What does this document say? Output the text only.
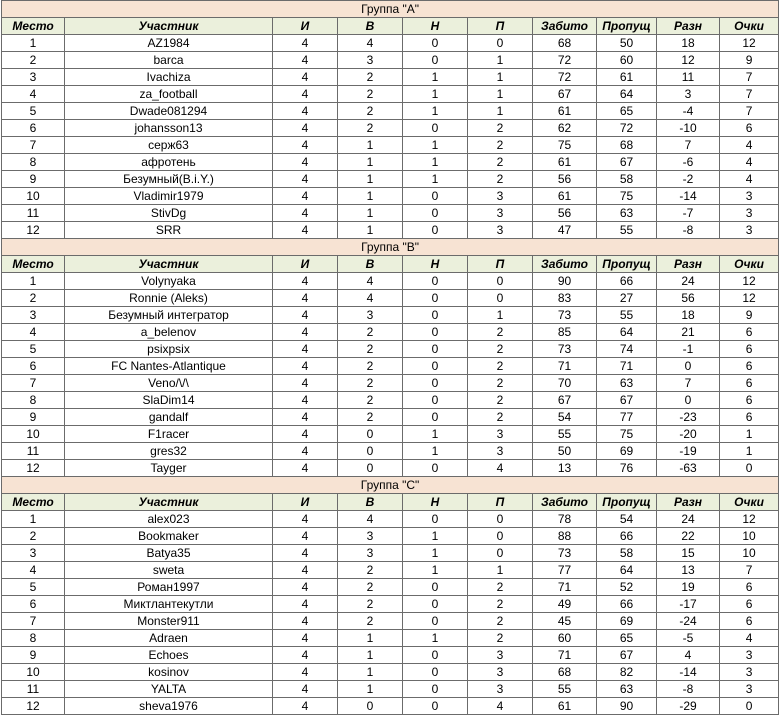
Группа "А"									
Место	Участник	И	В	Н	П	Забито	Пропущ	Разн	Очки
1	AZ1984	4	4	0	0	68	50	18	12
2	barca	4	3	0	1	72	60	12	9
3	Ivachiza	4	2	1	1	72	61	11	7
4	za_football	4	2	1	1	67	64	3	7
5	Dwade081294	4	2	1	1	61	65	-4	7
6	johansson13	4	2	0	2	62	72	-10	6
7	серж63	4	1	1	2	75	68	7	4
8	афротень	4	1	1	2	61	67	-6	4
9	Безумный(B.i.Y.)	4	1	1	2	56	58	-2	4
10	Vladimir1979	4	1	0	3	61	75	-14	3
11	StivDg	4	1	0	3	56	63	-7	3
12	SRR	4	1	0	3	47	55	-8	3
Группа "В"									
Место	Участник	И	В	Н	П	Забито	Пропущ	Разн	Очки
1	Volynyaka	4	4	0	0	90	66	24	12
2	Ronnie (Aleks)	4	4	0	0	83	27	56	12
3	Безумный интегратор	4	3	0	1	73	55	18	9
4	a_belenov	4	2	0	2	85	64	21	6
5	psixpsix	4	2	0	2	73	74	-1	6
6	FC Nantes-Atlantique	4	2	0	2	71	71	0	6
7	Veno/\/\	4	2	0	2	70	63	7	6
8	SlaDim14	4	2	0	2	67	67	0	6
9	gandalf	4	2	0	2	54	77	-23	6
10	F1racer	4	0	1	3	55	75	-20	1
11	gres32	4	0	1	3	50	69	-19	1
12	Tayger	4	0	0	4	13	76	-63	0
Группа "С"									
Место	Участник	И	В	Н	П	Забито	Пропущ	Разн	Очки
1	alex023	4	4	0	0	78	54	24	12
2	Bookmaker	4	3	1	0	88	66	22	10
3	Batya35	4	3	1	0	73	58	15	10
4	sweta	4	2	1	1	77	64	13	7
5	Роман1997	4	2	0	2	71	52	19	6
6	Миктлантекутли	4	2	0	2	49	66	-17	6
7	Monster911	4	2	0	2	45	69	-24	6
8	Adraen	4	1	1	2	60	65	-5	4
9	Echoes	4	1	0	3	71	67	4	3
10	kosinov	4	1	0	3	68	82	-14	3
11	YALTA	4	1	0	3	55	63	-8	3
12	sheva1976	4	0	0	4	61	90	-29	0
